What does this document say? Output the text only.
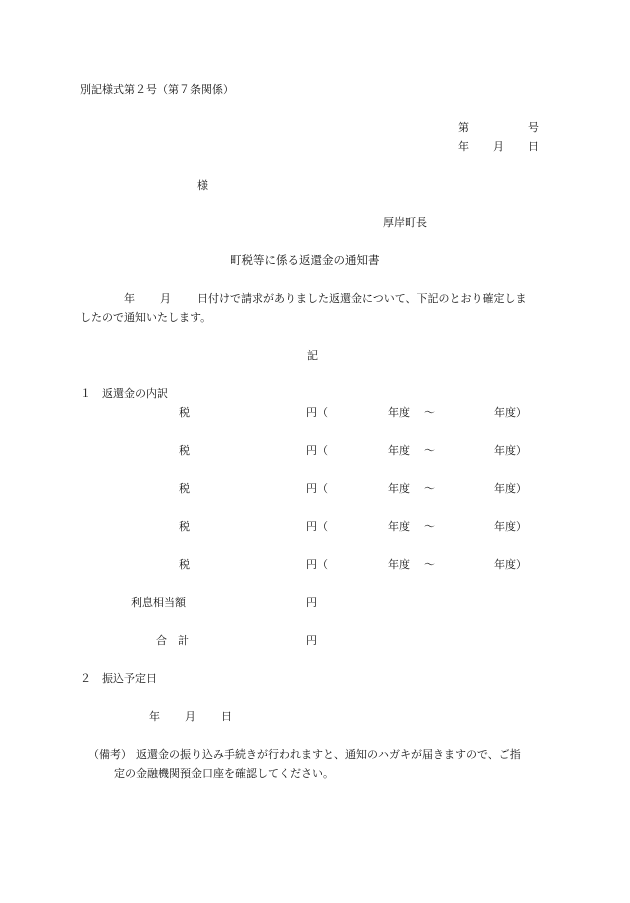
別記様式第２号（第７条関係）
第	号
年 月 日
様
厚岸町長
町税等に係る返還金の通知書
年 月 日付けで請求がありました返還金について、下記のとおり確定しま
したので通知いたします。
記
１ 返還金の内訳
税	円（	年度 ～	年度）
税	円（	年度 ～	年度）
税	円（	年度 ～	年度）
税	円（	年度 ～	年度）
税	円（	年度 ～	年度）
利息相当額	円
合　計	円
２ 振込予定日
年 月 日
（備考） 返還金の振り込み手続きが行われますと、通知のハガキが届きますので、ご指
定の金融機関預金口座を確認してください。
